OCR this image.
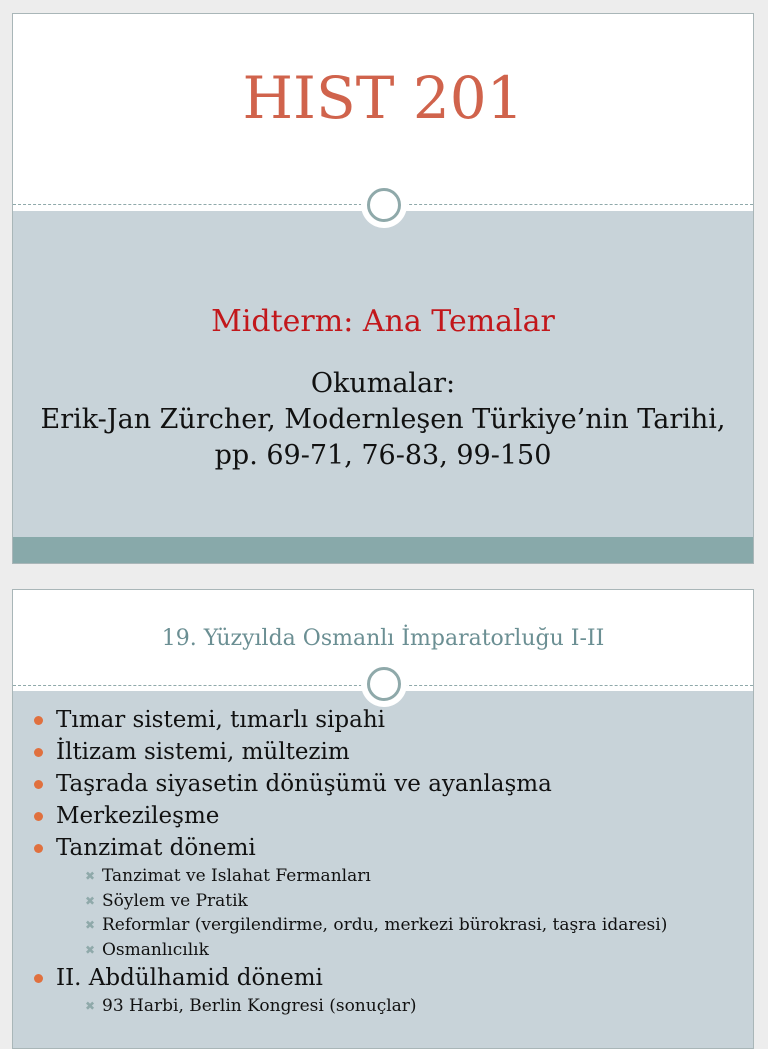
HIST 201
Midterm: Ana Temalar
Okumalar:
Erik-Jan Zürcher, Modernleşen Türkiye’nin Tarihi,
pp. 69-71, 76-83, 99-150
19. Yüzyılda Osmanlı İmparatorluğu I-II
Tımar sistemi, tımarlı sipahi
İltizam sistemi, mültezim
Taşrada siyasetin dönüşümü ve ayanlaşma
Merkezileşme
Tanzimat dönemi
✖ Tanzimat ve Islahat Fermanları
✖ Söylem ve Pratik
✖ Reformlar (vergilendirme, ordu, merkezi bürokrasi, taşra idaresi)
✖ Osmanlıcılık
II. Abdülhamid dönemi
✖ 93 Harbi, Berlin Kongresi (sonuçlar)
